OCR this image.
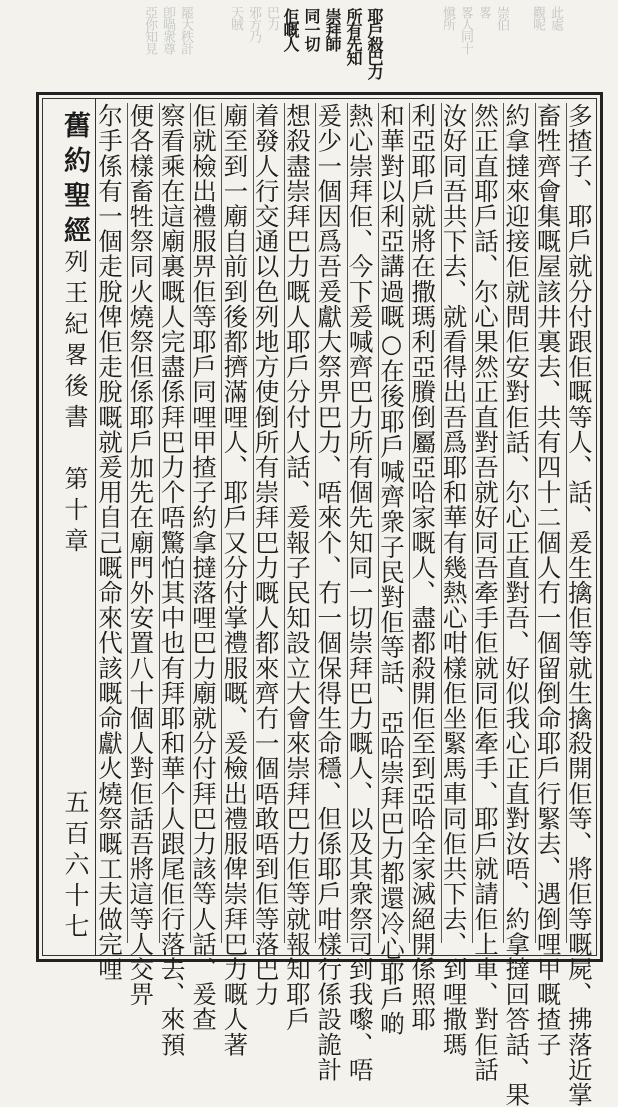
亞你知見 卽喎衆尊 罷大秩計	天賊 邪方乃 巴力	愼所 畧人同十 畧 崇伯 觀呢 此處
耶戶殺巴力
所有先知
崇拜師
同一切
佢嘅人
舊約聖經
列王紀畧後書　第十章
五百六十七	多揸子、耶戶就分付跟佢嘅等人、話、爰生擒佢等就生擒殺開佢等、將佢等嘅屍、拂落近掌
畜牲齊會集嘅屋該井裏去、共有四十二個人冇一個留倒命耶戶行緊去、遇倒哩甲嘅揸子
約拿撻來迎接佢就問佢安對佢話、尔心正直對吾、好似我心正直對汝唔、約拿撻回答話、果
然正直耶戶話、尔心果然正直對吾就好同吾牽手佢就同佢牽手、耶戶就請佢上車、對佢話
汝好同吾共下去、就看得出吾爲耶和華有幾熱心咁樣佢坐緊馬車同佢共下去、到哩撒瑪
利亞耶戶就將在撒瑪利亞賸倒屬亞哈家嘅人、盡都殺開佢至到亞哈全家滅絕開係照耶
和華對以利亞講過嘅○在後耶戶喊齊衆子民對佢等話、亞哈崇拜巴力都還冷心耶戶啲
熱心崇拜佢、今下爰喊齊巴力所有個先知同一切崇拜巴力嘅人、以及其衆祭司到我嚟、唔
爰少一個因爲吾爰獻大祭畀巴力、唔來个、冇一個保得生命穩、但係耶戶咁樣行係設詭計
想殺盡崇拜巴力嘅人耶戶分付人話、爰報子民知設立大會來崇拜巴力佢等就報知耶戶
着發人行交通以色列地方使倒所有崇拜巴力嘅人都來齊冇一個唔敢唔到佢等落巴力
廟至到一廟自前到後都擠滿哩人、耶戶又分付掌禮服嘅、爰檢出禮服俾崇拜巴力嘅人著
佢就檢出禮服畀佢等耶戶同哩甲揸子約拿撻落哩巴力廟就分付拜巴力該等人話、爰查
察看乘在這廟裏嘅人完盡係拜巴力个唔驚怕其中也有拜耶和華个人跟尾佢行落去、來預
便各樣畜牲祭同火燒祭但係耶戶加先在廟門外安置八十個人對佢話吾將這等人交畀
尔手係有一個走脫俾佢走脫嘅就爰用自己嘅命來代該嘅命獻火燒祭嘅工夫做完哩
